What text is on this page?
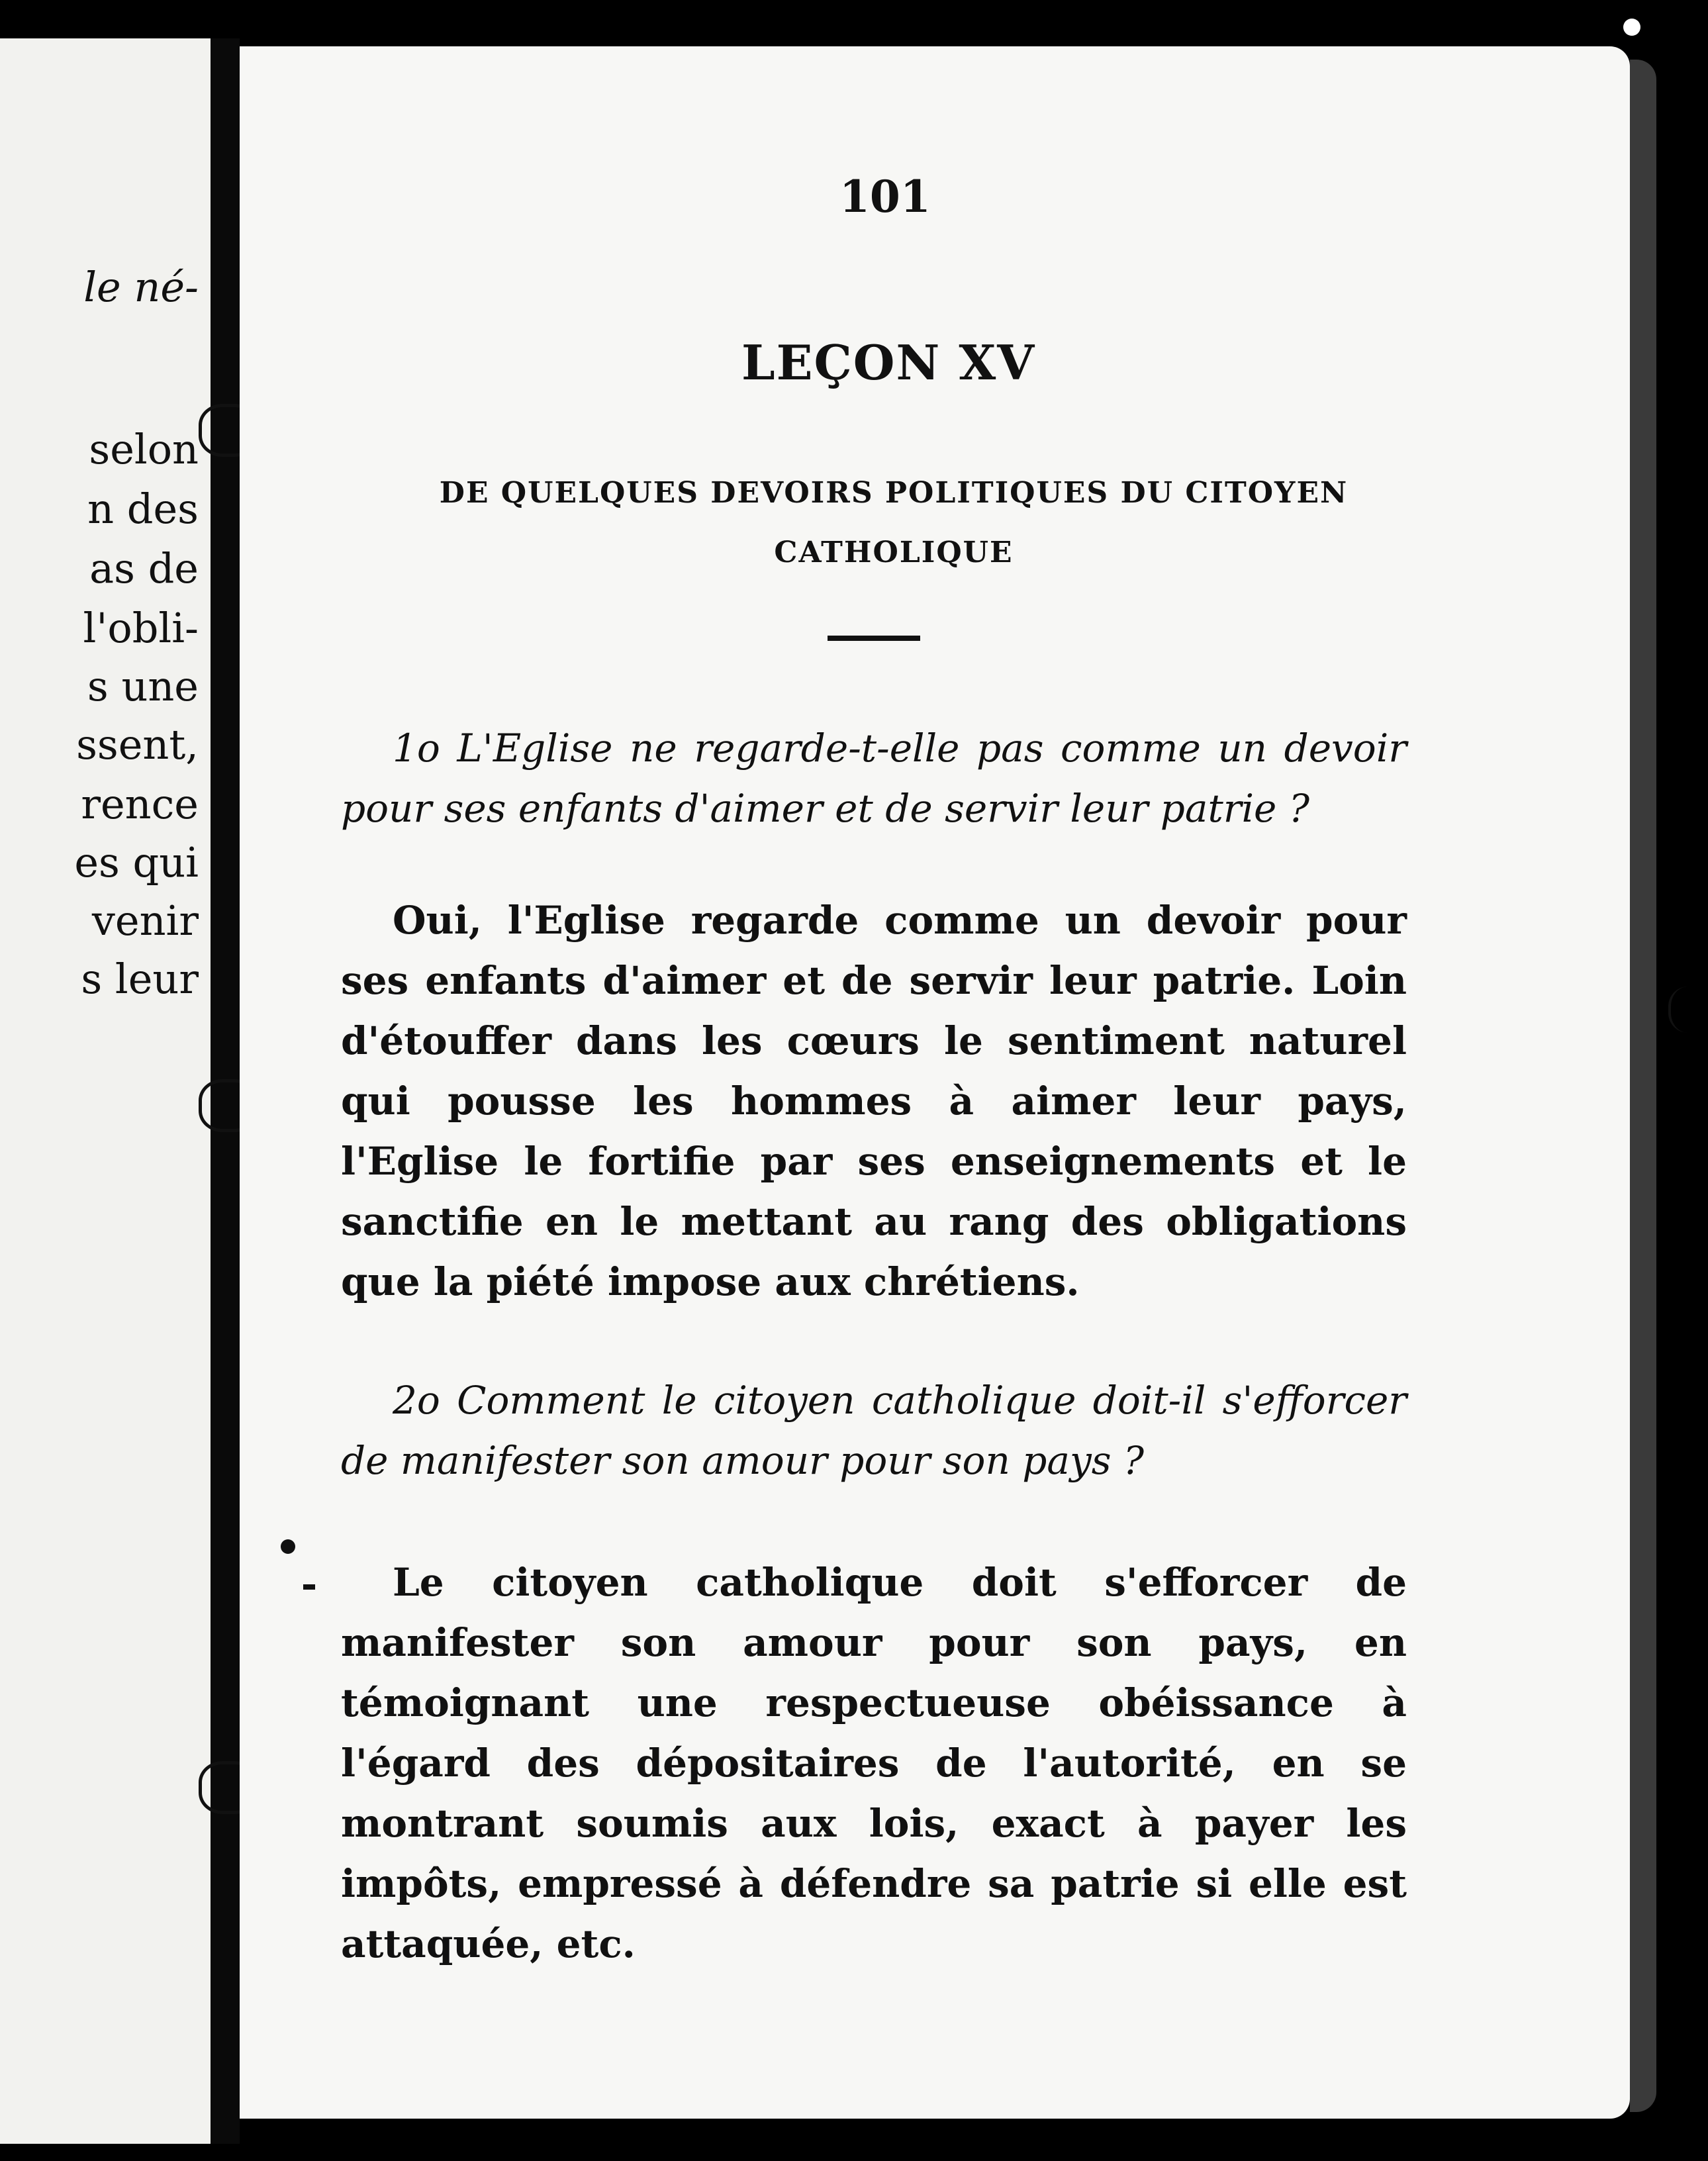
le né-
selon
n des
as de
l'obli-
s une
ssent,
rence
es qui
venir
s leur
101
LEÇON XV
DE QUELQUES DEVOIRS POLITIQUES DU CITOYEN
CATHOLIQUE
1o L'Eglise ne regarde-t-elle pas comme un devoir pour ses enfants d'aimer et de servir leur patrie ?
Oui, l'Eglise regarde comme un devoir pour ses enfants d'aimer et de servir leur patrie. Loin d'étouffer dans les cœurs le sentiment naturel qui pousse les hommes à aimer leur pays, l'Eglise le fortifie par ses enseignements et le sanctifie en le mettant au rang des obligations que la piété impose aux chrétiens.
2o Comment le citoyen catholique doit-il s'efforcer de manifester son amour pour son pays ?
Le citoyen catholique doit s'efforcer de manifester son amour pour son pays, en témoignant une respectueuse obéissance à l'égard des dépositaires de l'autorité, en se montrant soumis aux lois, exact à payer les impôts, empressé à défendre sa patrie si elle est attaquée, etc.
